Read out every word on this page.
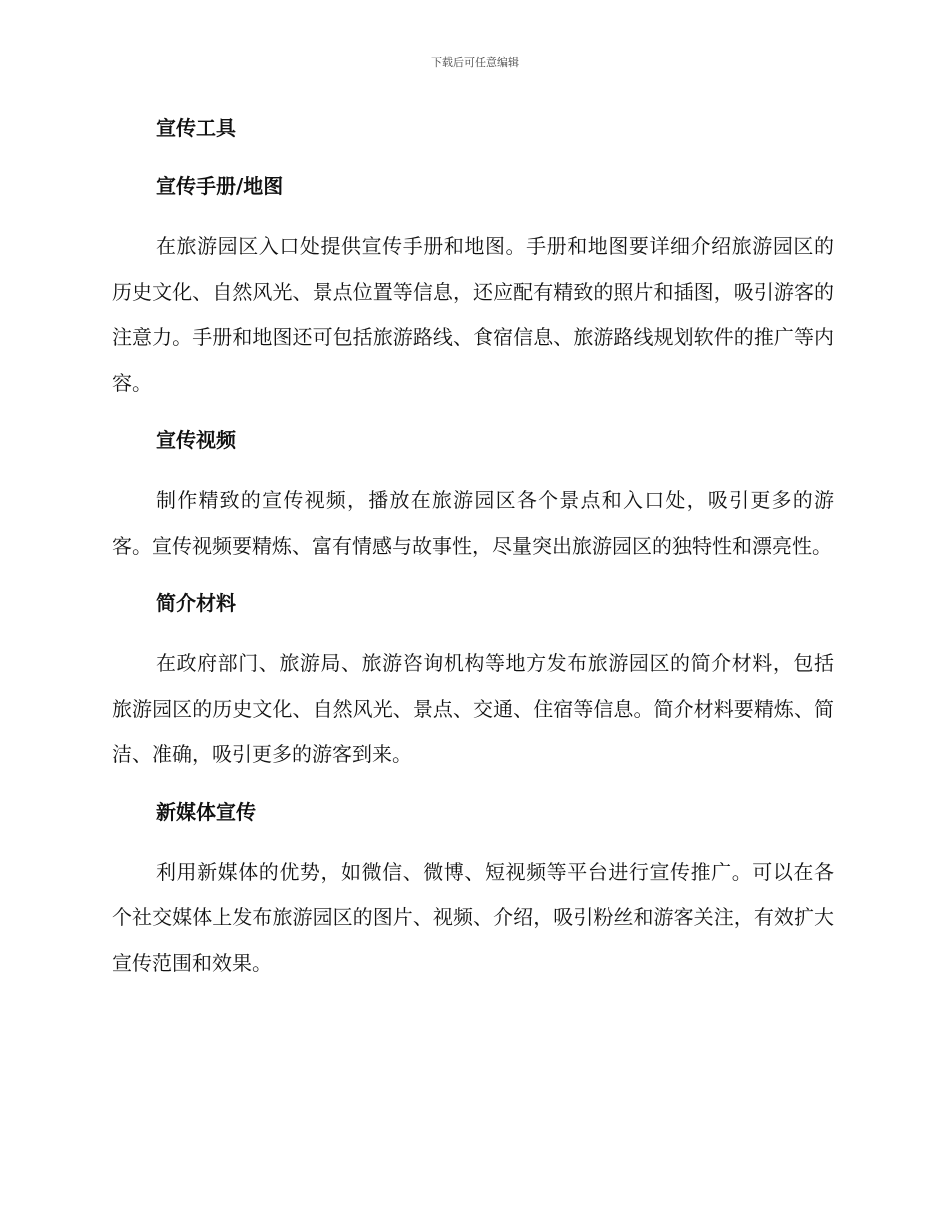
下载后可任意编辑
宣传工具
宣传手册/地图

在旅游园区入口处提供宣传手册和地图。手册和地图要详细介绍旅游园区的历史文化、自然风光、景点位置等信息，还应配有精致的照片和插图，吸引游客的注意力。手册和地图还可包括旅游路线、食宿信息、旅游路线规划软件的推广等内容。

宣传视频

制作精致的宣传视频，播放在旅游园区各个景点和入口处，吸引更多的游客。宣传视频要精炼、富有情感与故事性，尽量突出旅游园区的独特性和漂亮性。

简介材料

在政府部门、旅游局、旅游咨询机构等地方发布旅游园区的简介材料，包括旅游园区的历史文化、自然风光、景点、交通、住宿等信息。简介材料要精炼、简洁、准确，吸引更多的游客到来。

新媒体宣传

利用新媒体的优势，如微信、微博、短视频等平台进行宣传推广。可以在各个社交媒体上发布旅游园区的图片、视频、介绍，吸引粉丝和游客关注，有效扩大宣传范围和效果。
